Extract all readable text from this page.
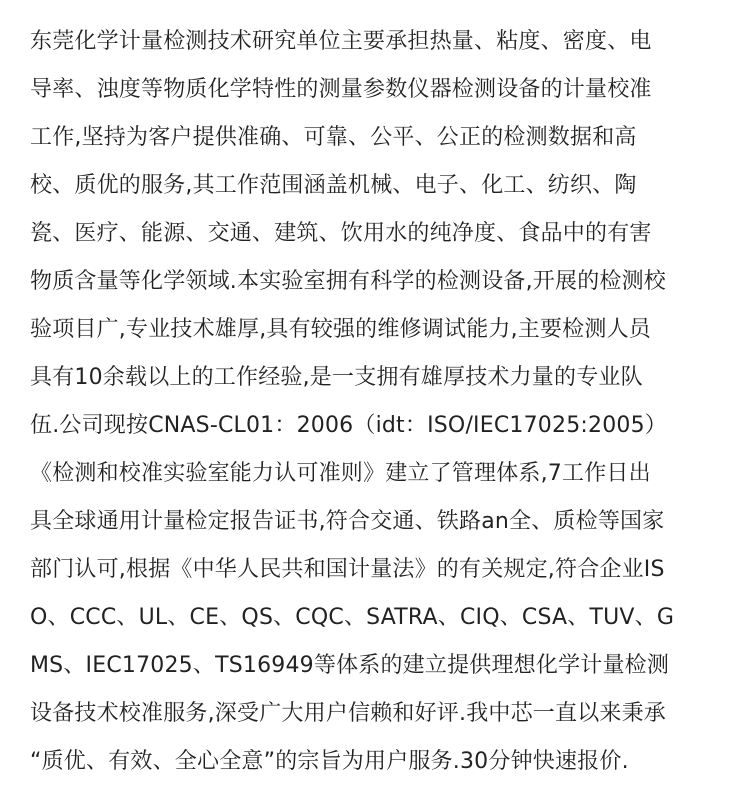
东莞化学计量检测技术研究单位主要承担热量、粘度、密度、电
导率、浊度等物质化学特性的测量参数仪器检测设备的计量校准
工作,坚持为客户提供准确、可靠、公平、公正的检测数据和高
校、质优的服务,其工作范围涵盖机械、电子、化工、纺织、陶
瓷、医疗、能源、交通、建筑、饮用水的纯净度、食品中的有害
物质含量等化学领域.本实验室拥有科学的检测设备,开展的检测校
验项目广,专业技术雄厚,具有较强的维修调试能力,主要检测人员
具有10余载以上的工作经验,是一支拥有雄厚技术力量的专业队
伍.公司现按CNAS-CL01：2006（idt：ISO/IEC17025:2005）
《检测和校准实验室能力认可准则》建立了管理体系,7工作日出
具全球通用计量检定报告证书,符合交通、铁路an全、质检等国家
部门认可,根据《中华人民共和国计量法》的有关规定,符合企业IS
O、CCC、UL、CE、QS、CQC、SATRA、CIQ、CSA、TUV、G
MS、IEC17025、TS16949等体系的建立提供理想化学计量检测
设备技术校准服务,深受广大用户信赖和好评.我中芯一直以来秉承
“质优、有效、全心全意”的宗旨为用户服务.30分钟快速报价.
